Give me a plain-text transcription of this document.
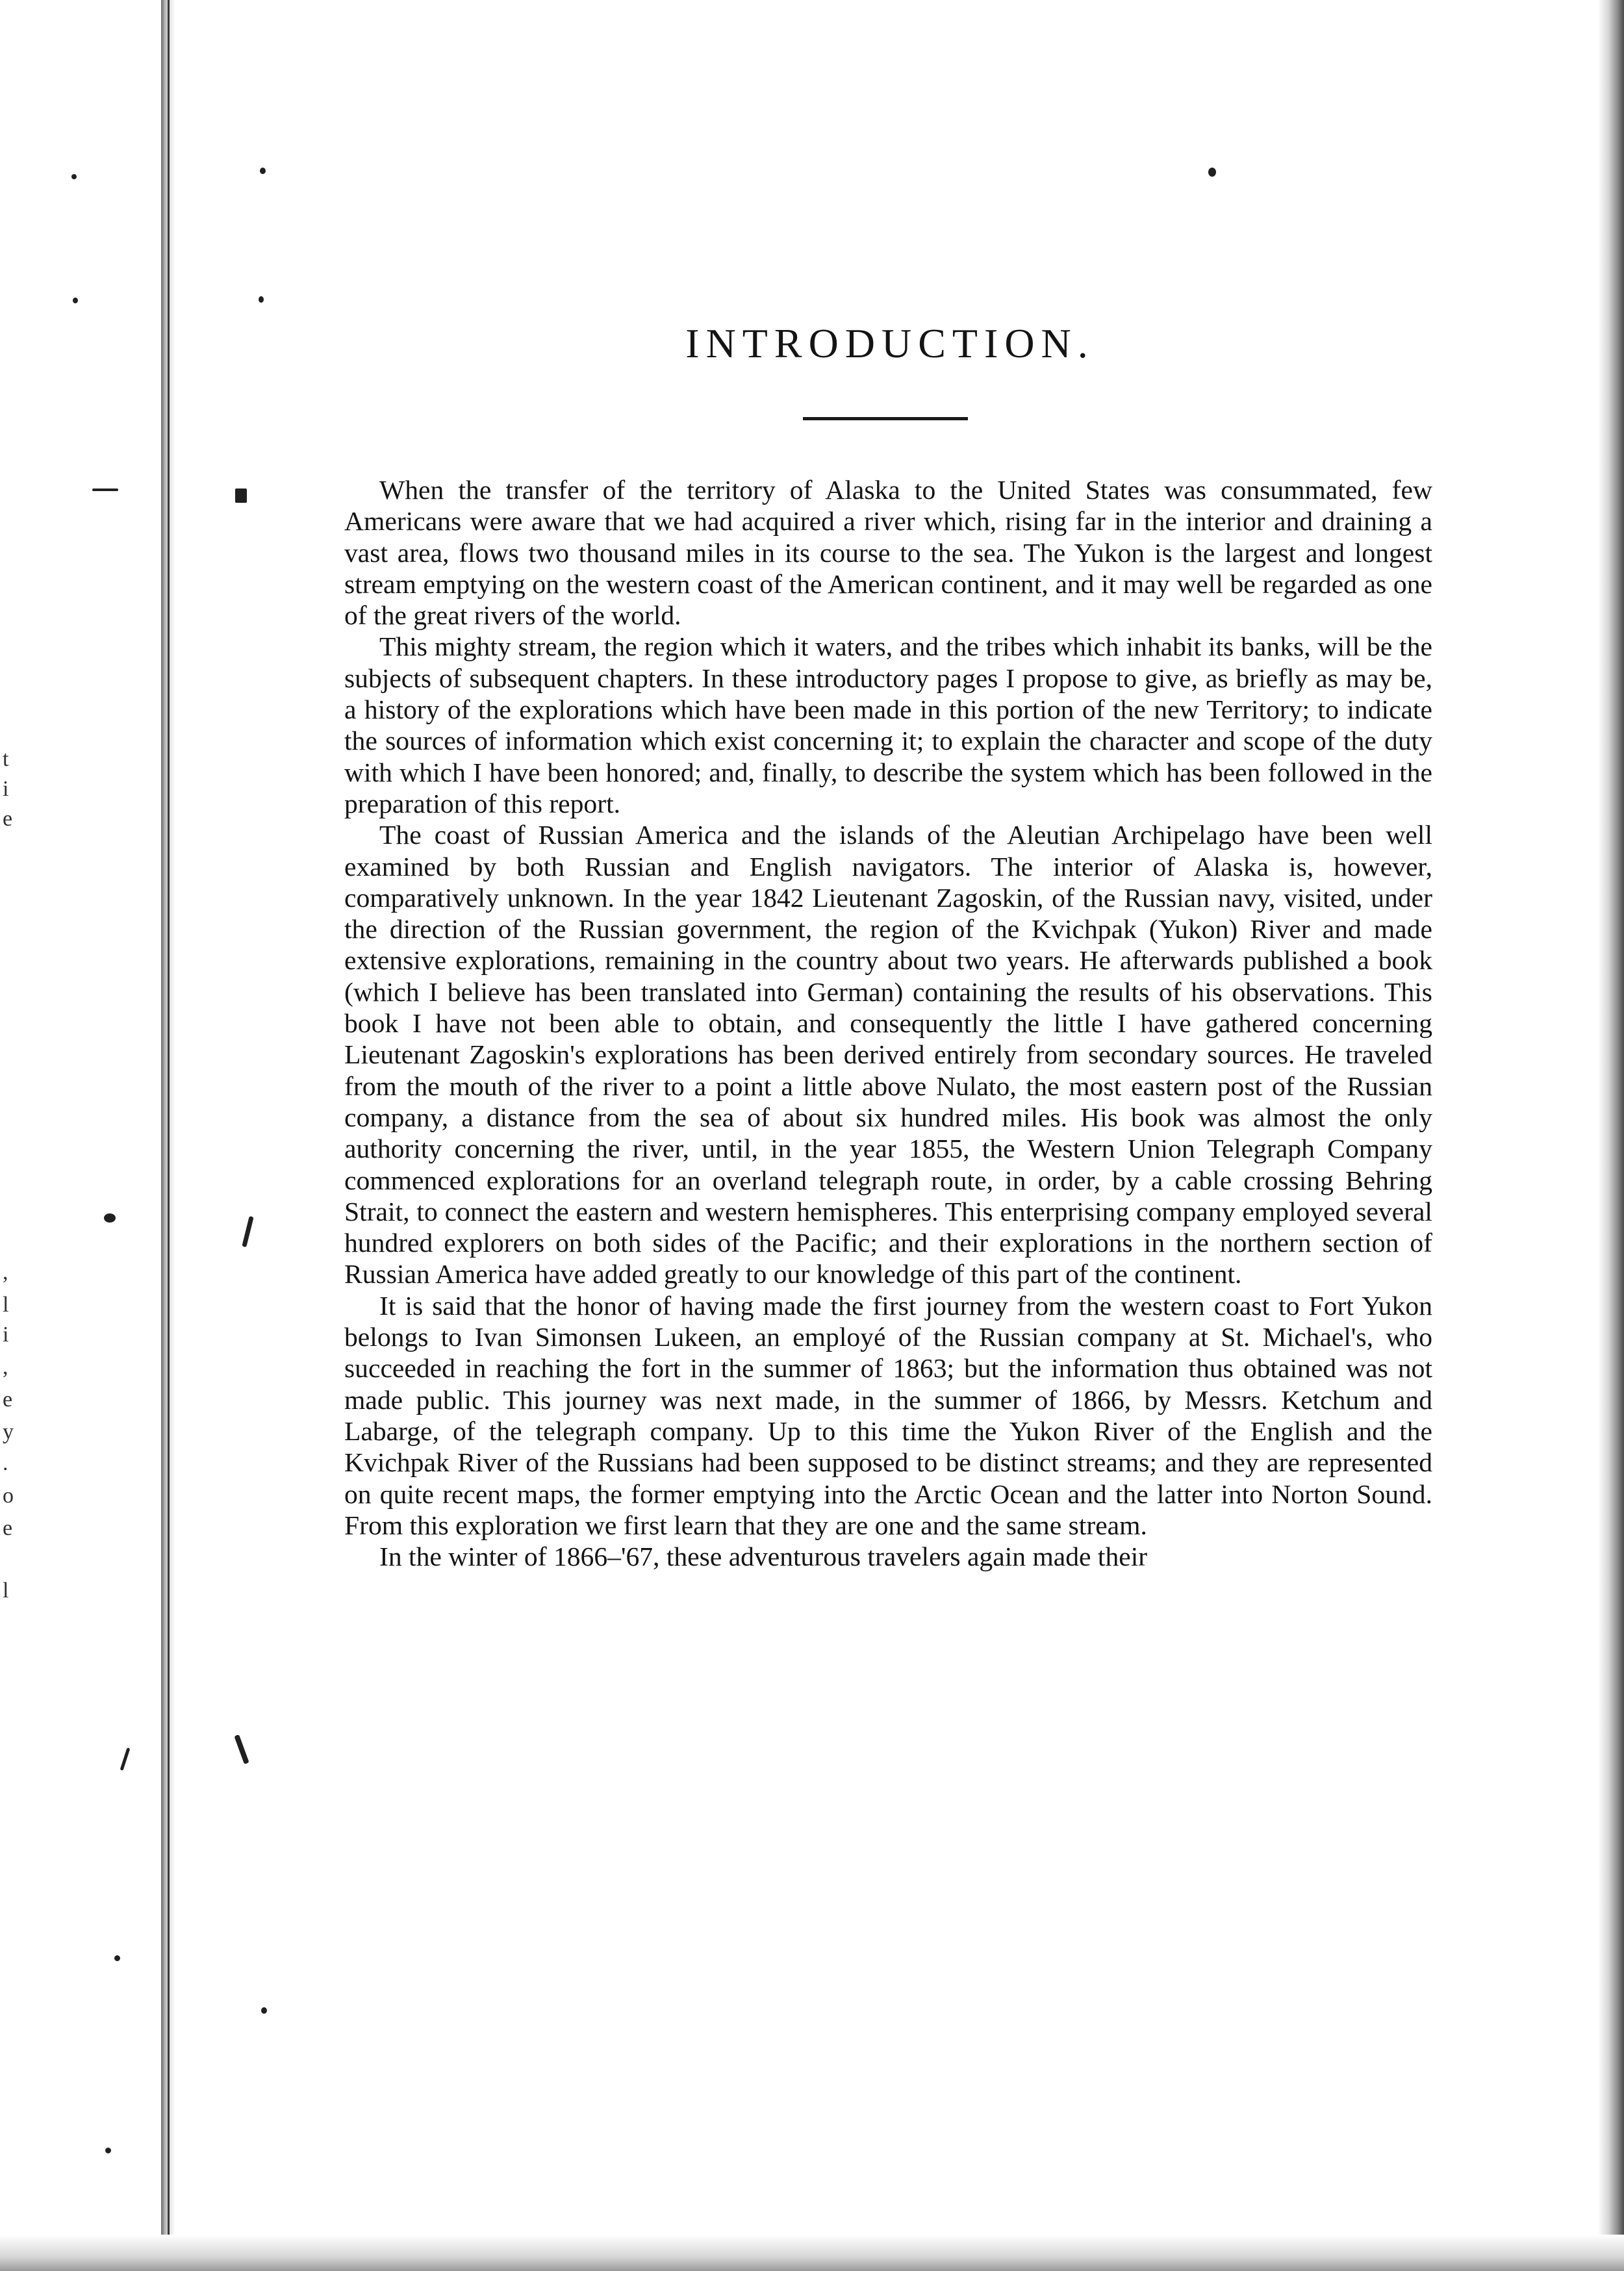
t
i
e
,
l
i
,
e
y
.
o
e
l
INTRODUCTION.

When the transfer of the territory of Alaska to the United States was consummated, few Americans were aware that we had acquired a river which, rising far in the interior and draining a vast area, flows two thousand miles in its course to the sea. The Yukon is the largest and longest stream emptying on the western coast of the American continent, and it may well be regarded as one of the great rivers of the world.

This mighty stream, the region which it waters, and the tribes which inhabit its banks, will be the subjects of subsequent chapters. In these introductory pages I propose to give, as briefly as may be, a history of the explorations which have been made in this portion of the new Territory; to indicate the sources of information which exist concerning it; to explain the character and scope of the duty with which I have been honored; and, finally, to describe the system which has been followed in the preparation of this report.

The coast of Russian America and the islands of the Aleutian Archipelago have been well examined by both Russian and English navigators. The interior of Alaska is, however, comparatively unknown. In the year 1842 Lieutenant Zagoskin, of the Russian navy, visited, under the direction of the Russian government, the region of the Kvichpak (Yukon) River and made extensive explorations, remaining in the country about two years. He afterwards published a book (which I believe has been translated into German) containing the results of his observations. This book I have not been able to obtain, and consequently the little I have gathered concerning Lieutenant Zagoskin's explorations has been derived entirely from secondary sources. He traveled from the mouth of the river to a point a little above Nulato, the most eastern post of the Russian company, a distance from the sea of about six hundred miles. His book was almost the only authority concerning the river, until, in the year 1855, the Western Union Telegraph Company commenced explorations for an overland telegraph route, in order, by a cable crossing Behring Strait, to connect the eastern and western hemispheres. This enterprising company employed several hundred explorers on both sides of the Pacific; and their explorations in the northern section of Russian America have added greatly to our knowledge of this part of the continent.

It is said that the honor of having made the first journey from the western coast to Fort Yukon belongs to Ivan Simonsen Lukeen, an employé of the Russian company at St. Michael's, who succeeded in reaching the fort in the summer of 1863; but the information thus obtained was not made public. This journey was next made, in the summer of 1866, by Messrs. Ketchum and Labarge, of the telegraph company. Up to this time the Yukon River of the English and the Kvichpak River of the Russians had been supposed to be distinct streams; and they are represented on quite recent maps, the former emptying into the Arctic Ocean and the latter into Norton Sound. From this exploration we first learn that they are one and the same stream.

In the winter of 1866–'67, these adventurous travelers again made their
